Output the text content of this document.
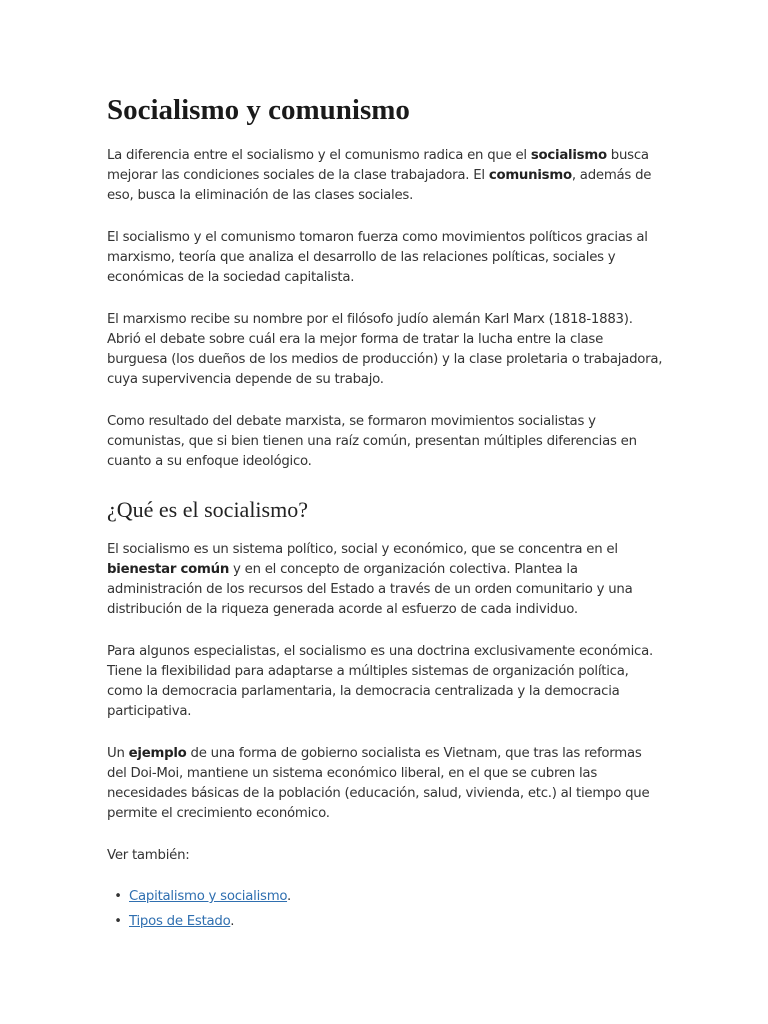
Socialismo y comunismo

La diferencia entre el socialismo y el comunismo radica en que el socialismo busca mejorar las condiciones sociales de la clase trabajadora. El comunismo, además de eso, busca la eliminación de las clases sociales.

El socialismo y el comunismo tomaron fuerza como movimientos políticos gracias al marxismo, teoría que analiza el desarrollo de las relaciones políticas, sociales y económicas de la sociedad capitalista.

El marxismo recibe su nombre por el filósofo judío alemán Karl Marx (1818-1883). Abrió el debate sobre cuál era la mejor forma de tratar la lucha entre la clase burguesa (los dueños de los medios de producción) y la clase proletaria o trabajadora, cuya supervivencia depende de su trabajo.

Como resultado del debate marxista, se formaron movimientos socialistas y comunistas, que si bien tienen una raíz común, presentan múltiples diferencias en cuanto a su enfoque ideológico.

¿Qué es el socialismo?

El socialismo es un sistema político, social y económico, que se concentra en el bienestar común y en el concepto de organización colectiva. Plantea la administración de los recursos del Estado a través de un orden comunitario y una distribución de la riqueza generada acorde al esfuerzo de cada individuo.

Para algunos especialistas, el socialismo es una doctrina exclusivamente económica. Tiene la flexibilidad para adaptarse a múltiples sistemas de organización política, como la democracia parlamentaria, la democracia centralizada y la democracia participativa.

Un ejemplo de una forma de gobierno socialista es Vietnam, que tras las reformas del Doi-Moi, mantiene un sistema económico liberal, en el que se cubren las necesidades básicas de la población (educación, salud, vivienda, etc.) al tiempo que permite el crecimiento económico.

Ver también:

• Capitalismo y socialismo.
• Tipos de Estado.
